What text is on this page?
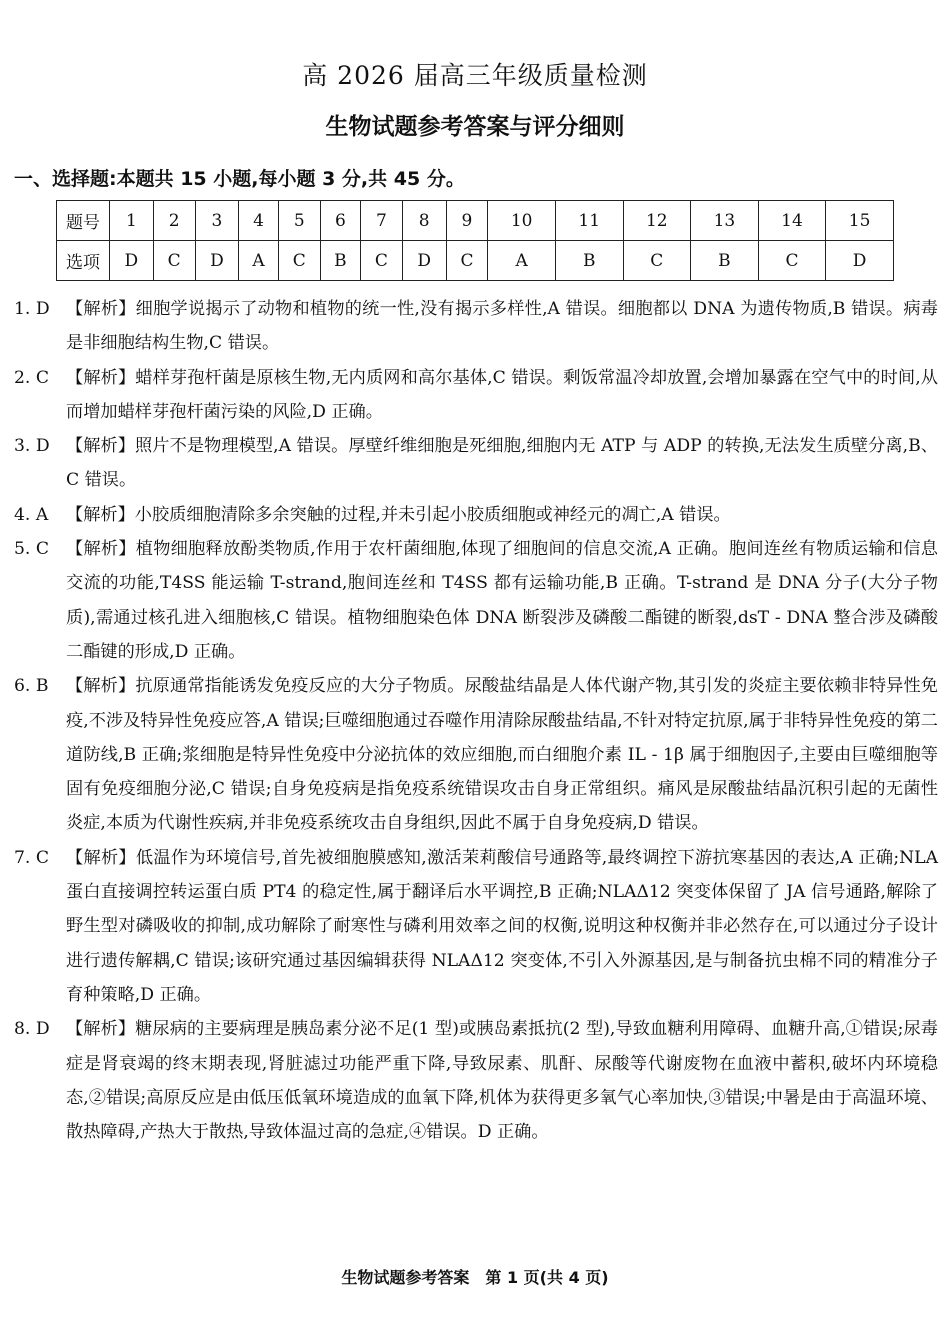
高 2026 届高三年级质量检测
生物试题参考答案与评分细则
一、选择题:本题共 15 小题,每小题 3 分,共 45 分。
题号	1	2	3	4	5	6	7	8	9	10	11	12	13	14	15
选项	D	C	D	A	C	B	C	D	C	A	B	C	B	C	D
1. D 【解析】细胞学说揭示了动物和植物的统一性,没有揭示多样性,A 错误。细胞都以 DNA 为遗传物质,B 错误。病毒是非细胞结构生物,C 错误。
2. C 【解析】蜡样芽孢杆菌是原核生物,无内质网和高尔基体,C 错误。剩饭常温冷却放置,会增加暴露在空气中的时间,从而增加蜡样芽孢杆菌污染的风险,D 正确。
3. D 【解析】照片不是物理模型,A 错误。厚壁纤维细胞是死细胞,细胞内无 ATP 与 ADP 的转换,无法发生质壁分离,B、C 错误。
4. A	【解析】小胶质细胞清除多余突触的过程,并未引起小胶质细胞或神经元的凋亡,A 错误。
5. C 【解析】植物细胞释放酚类物质,作用于农杆菌细胞,体现了细胞间的信息交流,A 正确。胞间连丝有物质运输和信息交流的功能,T4SS 能运输 T-strand,胞间连丝和 T4SS 都有运输功能,B 正确。T-strand 是 DNA 分子(大分子物质),需通过核孔进入细胞核,C 错误。植物细胞染色体 DNA 断裂涉及磷酸二酯键的断裂,dsT - DNA 整合涉及磷酸二酯键的形成,D 正确。
6. B	【解析】抗原通常指能诱发免疫反应的大分子物质。尿酸盐结晶是人体代谢产物,其引发的炎症主要依赖非特异性免疫,不涉及特异性免疫应答,A 错误;巨噬细胞通过吞噬作用清除尿酸盐结晶,不针对特定抗原,属于非特异性免疫的第二道防线,B 正确;浆细胞是特异性免疫中分泌抗体的效应细胞,而白细胞介素 IL - 1β 属于细胞因子,主要由巨噬细胞等固有免疫细胞分泌,C 错误;自身免疫病是指免疫系统错误攻击自身正常组织。痛风是尿酸盐结晶沉积引起的无菌性炎症,本质为代谢性疾病,并非免疫系统攻击自身组织,因此不属于自身免疫病,D 错误。
7. C 【解析】低温作为环境信号,首先被细胞膜感知,激活茉莉酸信号通路等,最终调控下游抗寒基因的表达,A 正确;NLA 蛋白直接调控转运蛋白质 PT4 的稳定性,属于翻译后水平调控,B 正确;NLAΔ12 突变体保留了 JA 信号通路,解除了野生型对磷吸收的抑制,成功解除了耐寒性与磷利用效率之间的权衡,说明这种权衡并非必然存在,可以通过分子设计进行遗传解耦,C 错误;该研究通过基因编辑获得 NLAΔ12 突变体,不引入外源基因,是与制备抗虫棉不同的精准分子育种策略,D 正确。
8. D 【解析】糖尿病的主要病理是胰岛素分泌不足(1 型)或胰岛素抵抗(2 型),导致血糖利用障碍、血糖升高,①错误;尿毒症是肾衰竭的终末期表现,肾脏滤过功能严重下降,导致尿素、肌酐、尿酸等代谢废物在血液中蓄积,破坏内环境稳态,②错误;高原反应是由低压低氧环境造成的血氧下降,机体为获得更多氧气心率加快,③错误;中暑是由于高温环境、散热障碍,产热大于散热,导致体温过高的急症,④错误。D 正确。
生物试题参考答案　第 1 页(共 4 页)
